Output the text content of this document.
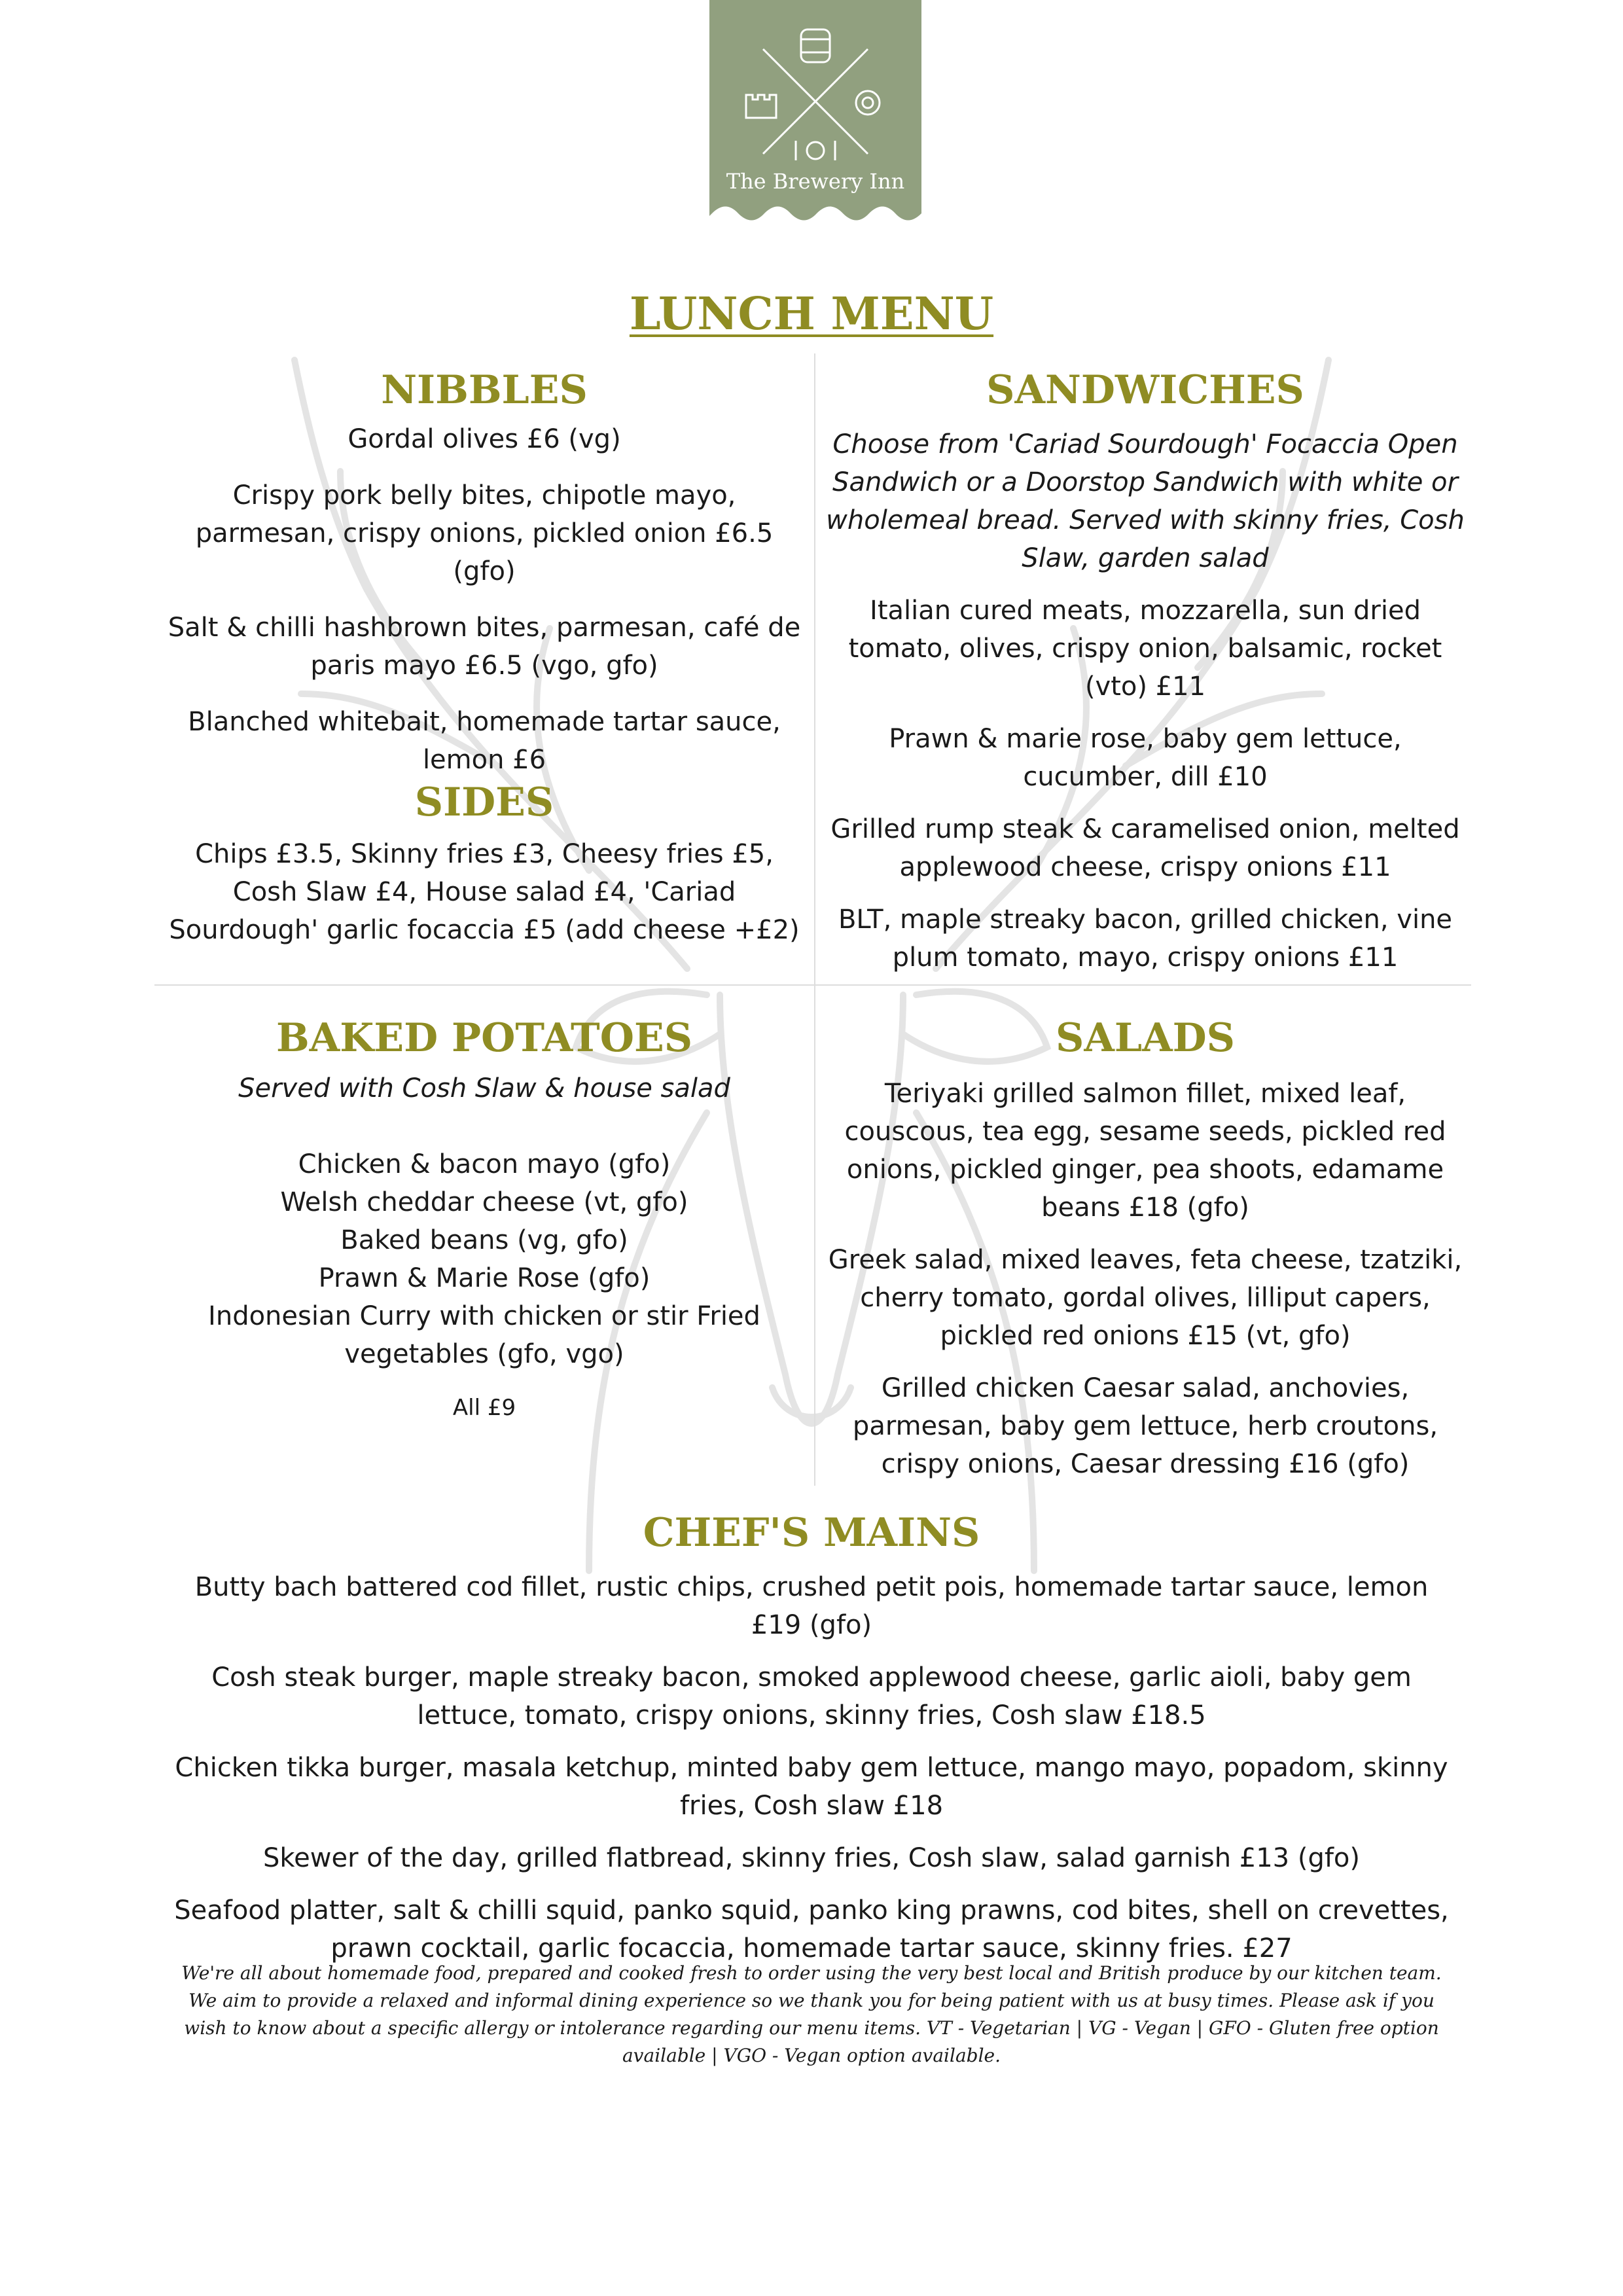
The Brewery Inn
LUNCH MENU
NIBBLES

Gordal olives £6 (vg)

Crispy pork belly bites, chipotle mayo, parmesan, crispy onions, pickled onion £6.5 (gfo)

Salt & chilli hashbrown bites, parmesan, café de paris mayo £6.5 (vgo, gfo)

Blanched whitebait, homemade tartar sauce, lemon £6

SIDES

Chips £3.5, Skinny fries £3, Cheesy fries £5, Cosh Slaw £4, House salad £4, 'Cariad Sourdough' garlic focaccia £5 (add cheese +£2)

SANDWICHES

Choose from 'Cariad Sourdough' Focaccia Open Sandwich or a Doorstop Sandwich with white or wholemeal bread. Served with skinny fries, Cosh Slaw, garden salad

Italian cured meats, mozzarella, sun dried tomato, olives, crispy onion, balsamic, rocket (vto) £11

Prawn & marie rose, baby gem lettuce, cucumber, dill £10

Grilled rump steak & caramelised onion, melted applewood cheese, crispy onions £11

BLT, maple streaky bacon, grilled chicken, vine plum tomato, mayo, crispy onions £11

BAKED POTATOES

Served with Cosh Slaw & house salad

Chicken & bacon mayo (gfo)

Welsh cheddar cheese (vt, gfo)

Baked beans (vg, gfo)

Prawn & Marie Rose (gfo)

Indonesian Curry with chicken or stir Fried vegetables (gfo, vgo)

All £9

SALADS

Teriyaki grilled salmon fillet, mixed leaf, couscous, tea egg, sesame seeds, pickled red onions, pickled ginger, pea shoots, edamame beans £18 (gfo)

Greek salad, mixed leaves, feta cheese, tzatziki, cherry tomato, gordal olives, lilliput capers, pickled red onions £15 (vt, gfo)

Grilled chicken Caesar salad, anchovies, parmesan, baby gem lettuce, herb croutons, crispy onions, Caesar dressing £16 (gfo)

CHEF'S MAINS

Butty bach battered cod fillet, rustic chips, crushed petit pois, homemade tartar sauce, lemon £19 (gfo)

Cosh steak burger, maple streaky bacon, smoked applewood cheese, garlic aioli, baby gem lettuce, tomato, crispy onions, skinny fries, Cosh slaw £18.5

Chicken tikka burger, masala ketchup, minted baby gem lettuce, mango mayo, popadom, skinny fries, Cosh slaw £18

Skewer of the day, grilled flatbread, skinny fries, Cosh slaw, salad garnish £13 (gfo)

Seafood platter, salt & chilli squid, panko squid, panko king prawns, cod bites, shell on crevettes, prawn cocktail, garlic focaccia, homemade tartar sauce, skinny fries. £27

We're all about homemade food, prepared and cooked fresh to order using the very best local and British produce by our kitchen team. We aim to provide a relaxed and informal dining experience so we thank you for being patient with us at busy times. Please ask if you wish to know about a specific allergy or intolerance regarding our menu items. VT - Vegetarian | VG - Vegan | GFO - Gluten free option available | VGO - Vegan option available.
